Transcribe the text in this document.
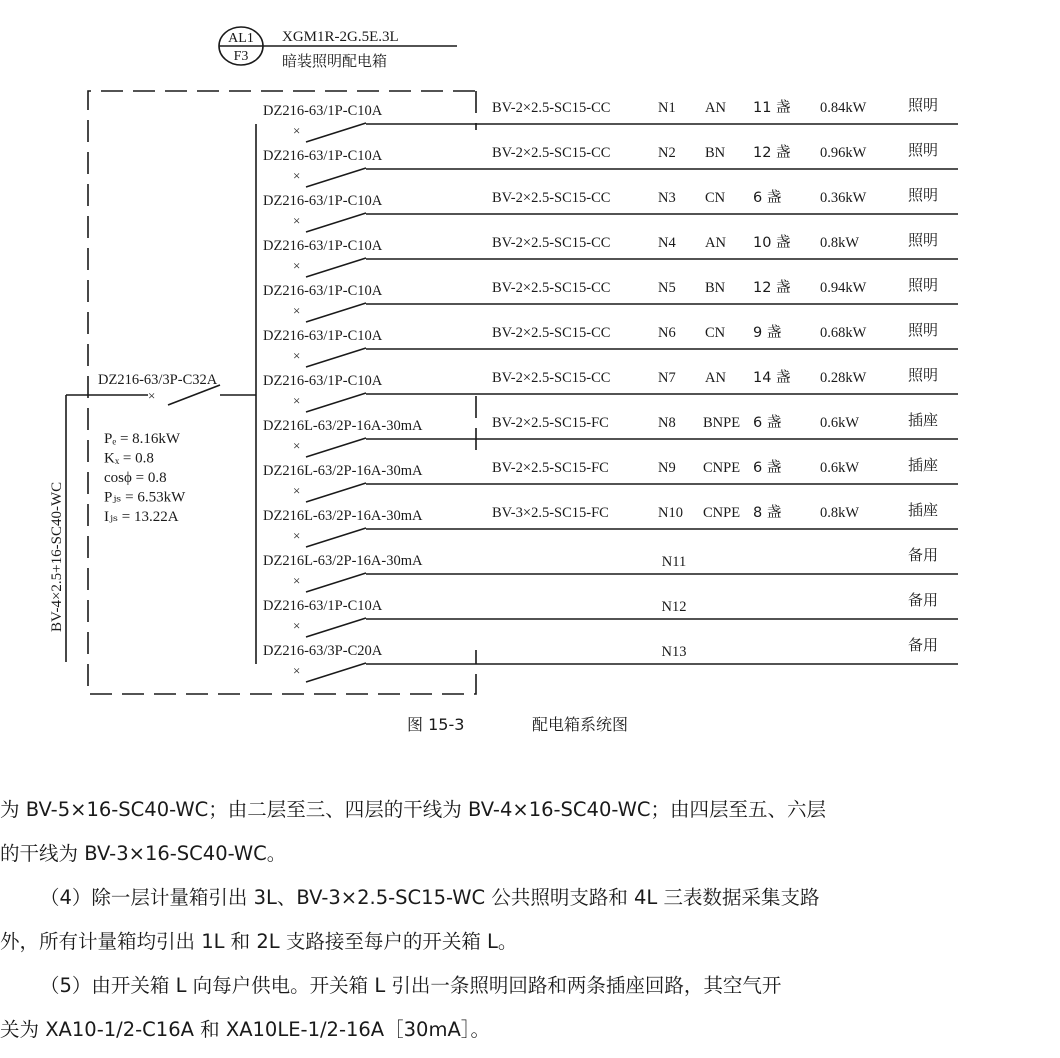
AL1
F3
XGM1R-2G.5E.3L
暗装照明配电箱
BV-4×2.5+16-SC40-WC
DZ216-63/3P-C32A
×
Pₑ = 8.16kW
Kₓ = 0.8
cosϕ = 0.8
Pⱼₛ = 6.53kW
Iⱼₛ = 13.22A
DZ216-63/1P-C10A
×
BV-2×2.5-SC15-CC	N1 AN 11 盏 0.84kW	照明
DZ216-63/1P-C10A
×
BV-2×2.5-SC15-CC	N2 BN 12 盏 0.96kW	照明
DZ216-63/1P-C10A
×
BV-2×2.5-SC15-CC	N3 CN 6 盏	0.36kW	照明
DZ216-63/1P-C10A
×
BV-2×2.5-SC15-CC	N4 AN 10 盏 0.8kW	照明
DZ216-63/1P-C10A
×
BV-2×2.5-SC15-CC	N5 BN 12 盏 0.94kW	照明
DZ216-63/1P-C10A
×
BV-2×2.5-SC15-CC	N6 CN 9 盏	0.68kW	照明
DZ216-63/1P-C10A
×
BV-2×2.5-SC15-CC	N7 AN 14 盏 0.28kW	照明
DZ216L-63/2P-16A-30mA
×
BV-2×2.5-SC15-FC	N8 BNPE 6 盏	0.6kW	插座
DZ216L-63/2P-16A-30mA
×
BV-2×2.5-SC15-FC	N9 CNPE 6 盏	0.6kW	插座
DZ216L-63/2P-16A-30mA
×
BV-3×2.5-SC15-FC	N10 CNPE 8 盏	0.8kW	插座
DZ216L-63/2P-16A-30mA
×
N11	备用
DZ216-63/1P-C10A
×
N12	备用
DZ216-63/3P-C20A
×
N13	备用
图 15-3	配电箱系统图

为 BV-5×16-SC40-WC；由二层至三、四层的干线为 BV-4×16-SC40-WC；由四层至五、六层

的干线为 BV-3×16-SC40-WC。

（4）除一层计量箱引出 3L、BV-3×2.5-SC15-WC 公共照明支路和 4L 三表数据采集支路

外，所有计量箱均引出 1L 和 2L 支路接至每户的开关箱 L。

（5）由开关箱 L 向每户供电。开关箱 L 引出一条照明回路和两条插座回路，其空气开

关为 XA10-1/2-C16A 和 XA10LE-1/2-16A［30mA］。
